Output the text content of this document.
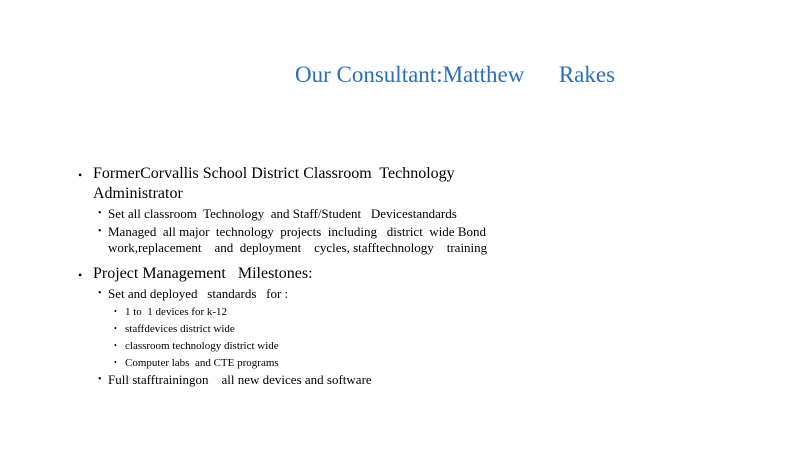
Our Consultant:Matthew      Rakes
• FormerCorvallis School District Classroom  Technology
Administrator
• Set all classroom  Technology  and Staff/Student   Devicestandards
• Managed  all major  technology  projects  including   district  wide Bond
work,replacement    and  deployment    cycles, stafftechnology    training
• Project Management   Milestones:
• Set and deployed   standards   for :
• 1 to  1 devices for k-12
• staffdevices district wide
• classroom technology district wide
• Computer labs  and CTE programs
• Full stafftrainingon    all new devices and software
